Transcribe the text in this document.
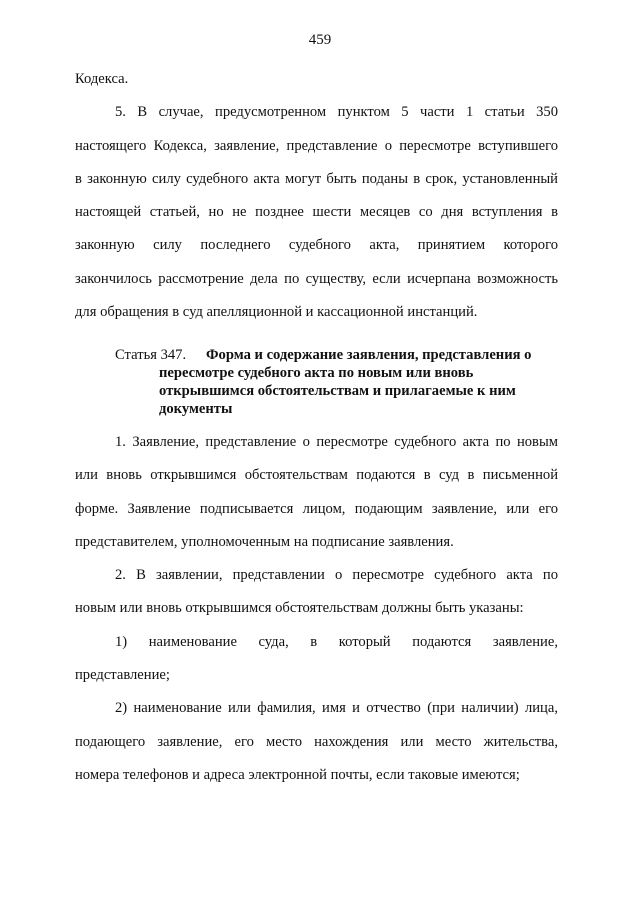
459
Кодекса.
5. В случае, предусмотренном пунктом 5 части 1 статьи 350
настоящего Кодекса, заявление, представление о пересмотре вступившего
в законную силу судебного акта могут быть поданы в срок, установленный
настоящей статьей, но не позднее шести месяцев со дня вступления в
законную силу последнего судебного акта, принятием которого
закончилось рассмотрение дела по существу, если исчерпана возможность
для обращения в суд апелляционной и кассационной инстанций.
Статья 347.	Форма и содержание заявления, представления о
пересмотре судебного акта по новым или вновь
открывшимся обстоятельствам и прилагаемые к ним
документы
1. Заявление, представление о пересмотре судебного акта по новым
или вновь открывшимся обстоятельствам подаются в суд в письменной
форме. Заявление подписывается лицом, подающим заявление, или его
представителем, уполномоченным на подписание заявления.
2. В заявлении, представлении о пересмотре судебного акта по
новым или вновь открывшимся обстоятельствам должны быть указаны:
1) наименование суда, в который подаются заявление,
представление;
2) наименование или фамилия, имя и отчество (при наличии) лица,
подающего заявление, его место нахождения или место жительства,
номера телефонов и адреса электронной почты, если таковые имеются;
